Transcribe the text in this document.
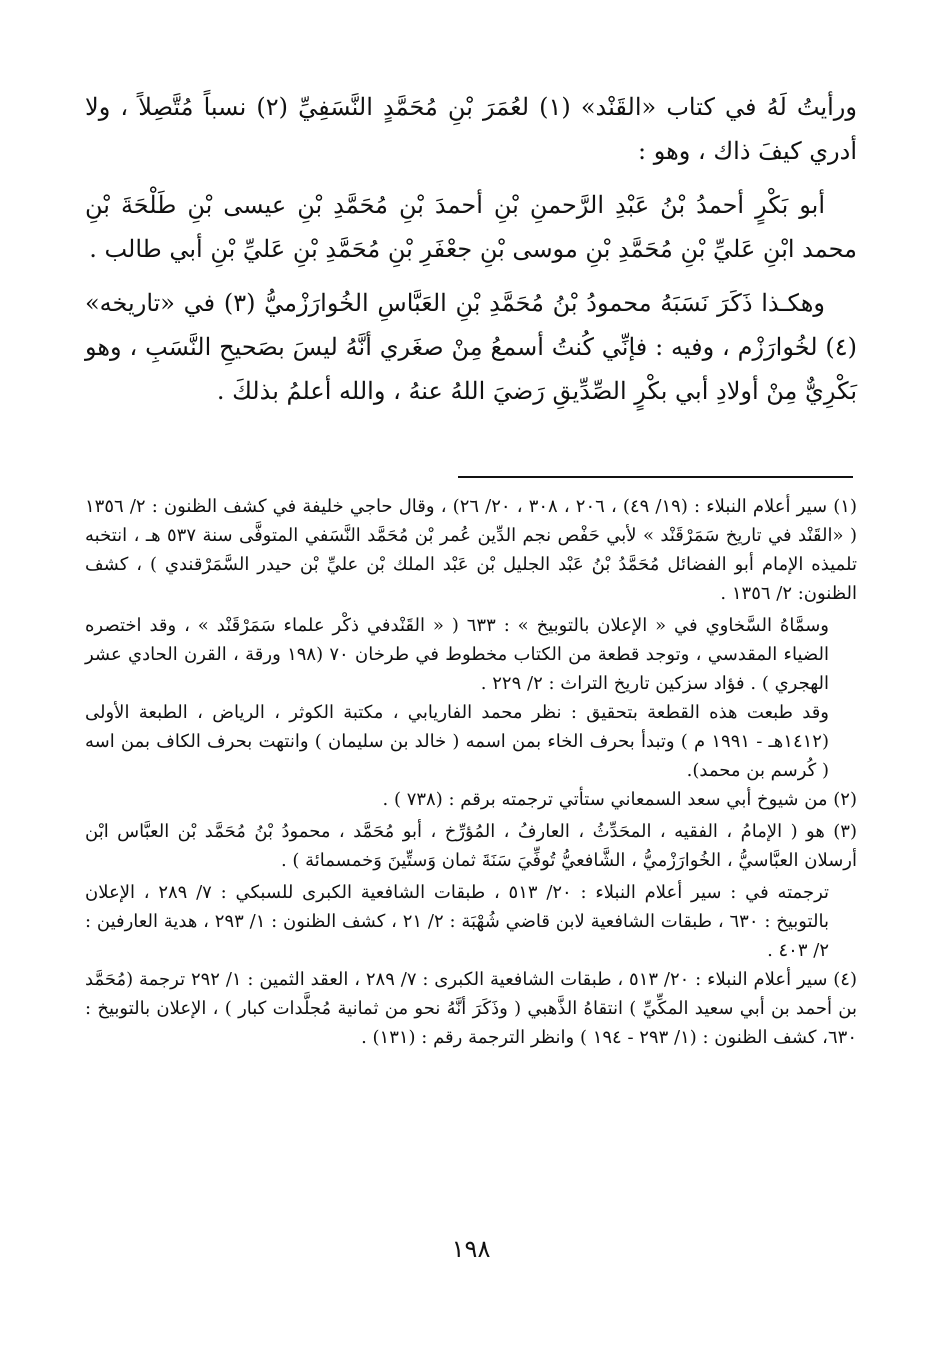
ورأيتُ لَهُ في كتاب «القَنْد» (١) لعُمَرَ بْنِ مُحَمَّدٍ النَّسَفِيِّ (٢) نسباً مُتَّصِلاً ، ولا أدري كيفَ ذاك ، وهو :

أبو بَكْرٍ أحمدُ بْنُ عَبْدِ الرَّحمنِ بْنِ أحمدَ بْنِ مُحَمَّدِ بْنِ عيسى بْنِ طَلْحَةَ بْنِ محمد ابْنِ عَليِّ بْنِ مُحَمَّدِ بْنِ موسى بْنِ جعْفَرِ بْنِ مُحَمَّدِ بْنِ عَليِّ بْنِ أبي طالب .

وهكـذا ذَكَرَ نَسَبَهُ محمودُ بْنُ مُحَمَّدِ بْنِ العَبَّاسِ الخُوارَزْميُّ (٣) في «تاريخه» (٤) لخُوارَزْم ، وفيه : فإنِّي كُنتُ أسمعُ مِنْ صغَري أنَّهُ ليسَ بصَحيحِ النَّسَبِ ، وهو بَكْرِيٌّ مِنْ أولادِ أبي بكْرٍ الصِّدِّيقِ رَضيَ اللهُ عنهُ ، والله أعلمُ بذلكَ .

(١) سير أعلام النبلاء : (١٩/ ٤٩) ، ٢٠٦ ، ٣٠٨ ، ٢٠/ ٢٦) ، وقال حاجي خليفة في كشف الظنون : ٢/ ١٣٥٦ ( «القَنْد في تاريخ سَمَرْقَنْد » لأبي حَفْص نجم الدِّين عُمر بْن مُحَمَّد النَّسَفي المتوفَّى سنة ٥٣٧ هـ ، انتخبه تلميذه الإمام أبو الفضائل مُحَمَّدُ بْنُ عَبْد الجليل بْن عَبْد الملك بْن عليِّ بْن حيدر السَّمَرْقندي ) ، كشف الظنون: ٢/ ١٣٥٦ .

وسمَّاهُ السَّخاوي في « الإعلان بالتوبيخ » : ٦٣٣ ( « القَنْدفي ذكْر علماء سَمَرْقَنْد » ، وقد اختصره الضياء المقدسي ، وتوجد قطعة من الكتاب مخطوط في طرخان ٧٠ (١٩٨ ورقة ، القرن الحادي عشر الهجري ) . فؤاد سزكين تاريخ التراث : ٢/ ٢٢٩ .

وقد طبعت هذه القطعة بتحقيق : نظر محمد الفاريابي ، مكتبة الكوثر ، الرياض ، الطبعة الأولى (١٤١٢هـ - ١٩٩١ م ) وتبدأ بحرف الخاء بمن اسمه ( خالد بن سليمان ) وانتهت بحرف الكاف بمن اسه ( كُرسم بن محمد).

(٢) من شيوخ أبي سعد السمعاني ستأتي ترجمته برقم : (٧٣٨ ) .

(٣) هو ( الإمامُ ، الفقيه ، المحَدِّثُ ، العارفُ ، المُؤرِّخ ، أبو مُحَمَّد ، محمودُ بْنُ مُحَمَّد بْن العبَّاس ابْن أرسلان العبَّاسيُّ ، الخُوارَزْميُّ ، الشَّافعيُّ تُوفِّيَ سَنَةَ ثمان وَستِّينَ وَخمسمائة ) .

ترجمته في : سير أعلام النبلاء : ٢٠/ ٥١٣ ، طبقات الشافعية الكبرى للسبكي : ٧/ ٢٨٩ ، الإعلان بالتوبيخ : ٦٣٠ ، طبقات الشافعية لابن قاضي شُهْبَة : ٢/ ٢١ ، كشف الظنون : ١/ ٢٩٣ ، هدية العارفين : ٢/ ٤٠٣ .

(٤) سير أعلام النبلاء : ٢٠/ ٥١٣ ، طبقات الشافعية الكبرى : ٧/ ٢٨٩ ، العقد الثمين : ١/ ٢٩٢ ترجمة (مُحَمَّد بن أحمد بن أبي سعيد المكِّيِّ ) انتقاهُ الذَّهبي ( وذَكَرَ أنَّهُ نحو من ثمانية مُجلَّدات كبار ) ، الإعلان بالتوبيخ : ٦٣٠، كشف الظنون : (١/ ٢٩٣ - ١٩٤ ) وانظر الترجمة رقم : (١٣١) .

١٩٨
